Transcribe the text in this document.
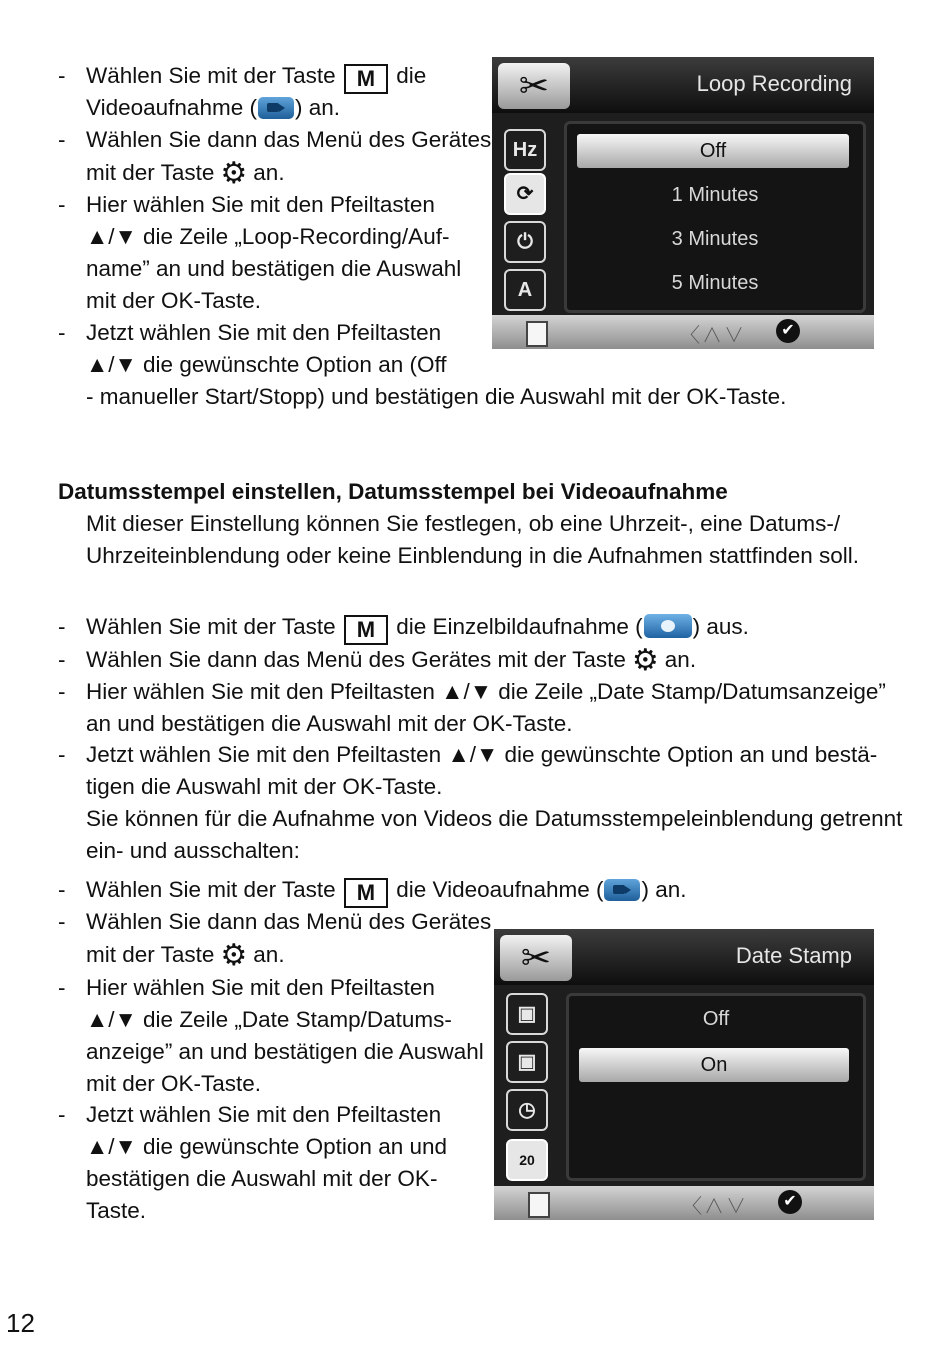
- Wählen Sie mit der Taste M die
Videoaufnahme ( ) an.
- Wählen Sie dann das Menü des Gerätes
mit der Taste ⚙ an.
- Hier wählen Sie mit den Pfeiltasten
▲/▼ die Zeile „Loop-Recording/Auf-
name” an und bestätigen die Auswahl
mit der OK-Taste.
- Jetzt wählen Sie mit den Pfeiltasten
▲/▼ die gewünschte Option an (Off
- manueller Start/Stopp) und bestätigen die Auswahl mit der OK-Taste.
✂	Loop Recording
Hz
⟳
⏻
A
Off
1 Minutes
3 Minutes
5 Minutes
〈∧∨	✔
Datumsstempel einstellen, Datumsstempel bei Videoaufnahme
Mit dieser Einstellung können Sie festlegen, ob eine Uhrzeit-, eine Datums-/
Uhrzeiteinblendung oder keine Einblendung in die Aufnahmen stattfinden soll.
- Wählen Sie mit der Taste M die Einzelbildaufnahme ( ) aus.
- Wählen Sie dann das Menü des Gerätes mit der Taste ⚙ an.
- Hier wählen Sie mit den Pfeiltasten ▲/▼ die Zeile „Date Stamp/Datumsanzeige”
an und bestätigen die Auswahl mit der OK-Taste.
- Jetzt wählen Sie mit den Pfeiltasten ▲/▼ die gewünschte Option an und bestä-
tigen die Auswahl mit der OK-Taste.
Sie können für die Aufnahme von Videos die Datumsstempeleinblendung getrennt
ein- und ausschalten:
- Wählen Sie mit der Taste M die Videoaufnahme ( ) an.
- Wählen Sie dann das Menü des Gerätes
mit der Taste ⚙ an.
- Hier wählen Sie mit den Pfeiltasten
▲/▼ die Zeile „Date Stamp/Datums-
anzeige” an und bestätigen die Auswahl
mit der OK-Taste.
- Jetzt wählen Sie mit den Pfeiltasten
▲/▼ die gewünschte Option an und
bestätigen die Auswahl mit der OK-
Taste.
✂	Date Stamp
▣
▣
◷
20
Off
On
〈∧∨	✔
12
